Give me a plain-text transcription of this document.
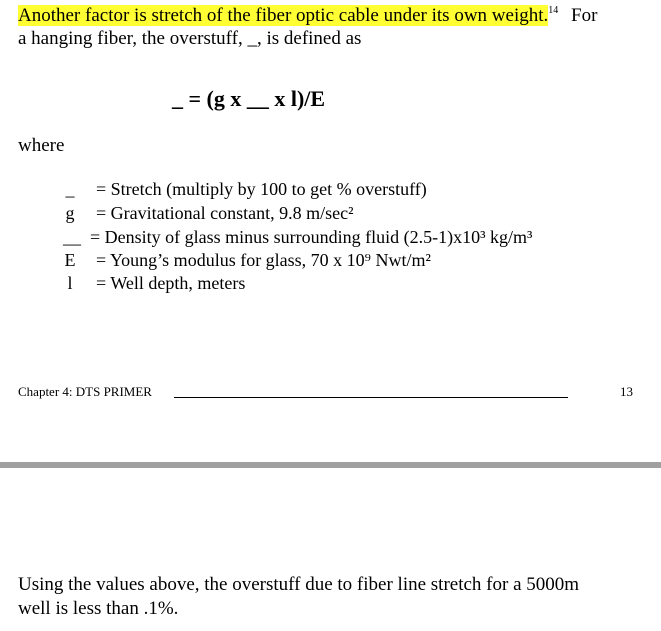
Another factor is stretch of the fiber optic cable under its own weight.$^{14}$ For
a hanging fiber, the overstuff, _, is defined as
_ = (g x __ x l)/E
where
_	= Stretch (multiply by 100 to get % overstuff)
g	= Gravitational constant, 9.8 m/sec²
__ = Density of glass minus surrounding fluid (2.5-1)x10³ kg/m³
E = Young’s modulus for glass, 70 x 10⁹ Nwt/m²
l	= Well depth, meters
Chapter 4: DTS PRIMER	13
Using the values above, the overstuff due to fiber line stretch for a 5000m
well is less than .1%.
